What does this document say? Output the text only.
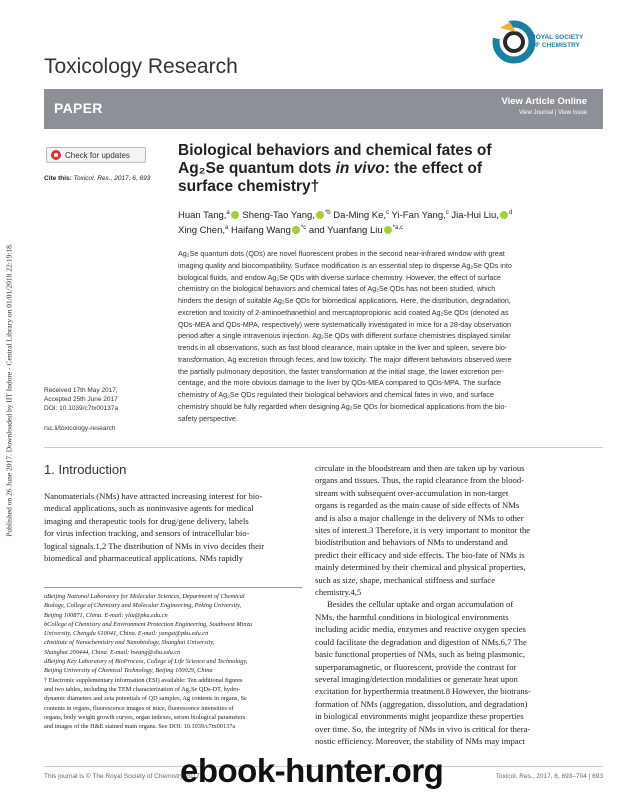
Published on 26 June 2017. Downloaded by IIT Indore - Central Library on 01/01/2018 22:19:18.
ROYAL SOCIETY
OF CHEMISTRY
Toxicology Research
PAPER	View Article Online
View Journal | View Issue
Check for updates
Cite this: Toxicol. Res., 2017, 6, 693
Biological behaviors and chemical fates of
Ag₂Se quantum dots in vivo: the effect of
surface chemistry†
Huan Tang,$^a$ Sheng-Tao Yang, $^{*b}$ Da-Ming Ke,$^c$ Yi-Fan Yang,$^c$ Jia-Hui Liu, $^d$
Xing Chen,$^a$ Haifang Wang $^{*c}$ and Yuanfang Liu $^{*a,c}$
Ag₂Se quantum dots (QDs) are novel fluorescent probes in the second near-infrared window with great
imaging quality and biocompatibility. Surface modification is an essential step to disperse Ag₂Se QDs into
biological fluids, and endow Ag₂Se QDs with diverse surface chemistry. However, the effect of surface
chemistry on the biological behaviors and chemical fates of Ag₂Se QDs has not been studied, which
hinders the design of suitable Ag₂Se QDs for biomedical applications. Here, the distribution, degradation,
excretion and toxicity of 2-aminoethanethiol and mercaptopropionic acid coated Ag₂Se QDs (denoted as
QDs-MEA and QDs-MPA, respectively) were systematically investigated in mice for a 28-day observation
period after a single intravenous injection. Ag₂Se QDs with different surface chemistries displayed similar
trends in all observations, such as fast blood clearance, main uptake in the liver and spleen, severe bio-
transformation, Ag excretion through feces, and low toxicity. The major different behaviors observed were
the partially pulmonary deposition, the faster transformation at the initial stage, the lower excretion per-
centage, and the more obvious damage to the liver by QDs-MEA compared to QDs-MPA. The surface
chemistry of Ag₂Se QDs regulated their biological behaviors and chemical fates in vivo, and surface
chemistry should be fully regarded when designing Ag₂Se QDs for biomedical applications from the bio-
safety perspective.
Received 17th May 2017,
Accepted 25th June 2017
DOI: 10.1039/c7tx00137a
rsc.li/toxicology-research
1. Introduction
Nanomaterials (NMs) have attracted increasing interest for bio-
medical applications, such as noninvasive agents for medical
imaging and therapeutic tools for drug/gene delivery, labels
for virus infection tracking, and sensors of intracellular bio-
logical signals.1,2 The distribution of NMs in vivo decides their
biomedical and pharmaceutical applications. NMs rapidly
aBeijing National Laboratory for Molecular Sciences, Department of Chemical
Biology, College of Chemistry and Molecular Engineering, Peking University,
Beijing 100871, China. E-mail: yliu@pku.edu.cn
bCollege of Chemistry and Environment Protection Engineering, Southwest Minzu
University, Chengdu 610041, China. E-mail: yangst@pku.edu.cn
cInstitute of Nanochemistry and Nanobiology, Shanghai University,
Shanghai 200444, China. E-mail: hwang@shu.edu.cn
dBeijing Key Laboratory of BioProcess, College of Life Science and Technology,
Beijing University of Chemical Technology, Beijing 100029, China
† Electronic supplementary information (ESI) available: Ten additional figures
and two tables, including the TEM characterization of Ag₂Se QDs-DT, hydro-
dynamic diameters and zeta potentials of QD samples, Ag contents in organs, Se
contents in organs, fluorescence images of mice, fluorescence intensities of
organs, body weight growth curves, organ indexes, serum biological parameters
and images of the H&E stained main organs. See DOI: 10.1039/c7tx00137a
circulate in the bloodstream and then are taken up by various
organs and tissues. Thus, the rapid clearance from the blood-
stream with subsequent over-accumulation in non-target
organs is regarded as the main cause of side effects of NMs
and is also a major challenge in the delivery of NMs to other
sites of interest.3 Therefore, it is very important to monitor the
biodistribution and behaviors of NMs to understand and
predict their efficacy and side effects. The bio-fate of NMs is
mainly determined by their chemical and physical properties,
such as size, shape, mechanical stiffness and surface
chemistry.4,5
Besides the cellular uptake and organ accumulation of
NMs, the harmful conditions in biological environments
including acidic media, enzymes and reactive oxygen species
could facilitate the degradation and digestion of NMs.6,7 The
basic functional properties of NMs, such as being plasmonic,
superparamagnetic, or fluorescent, provide the contrast for
several imaging/detection modalities or generate heat upon
excitation for hyperthermia treatment.8 However, the biotrans-
formation of NMs (aggregation, dissolution, and degradation)
in biological environments might jeopardize these properties
over time. So, the integrity of NMs in vivo is critical for thera-
nostic efficiency. Moreover, the stability of NMs may impact
This journal is © The Royal Society of Chemistry 2017	Toxicol. Res., 2017, 6, 693–704 | 693
ebook-hunter.org
